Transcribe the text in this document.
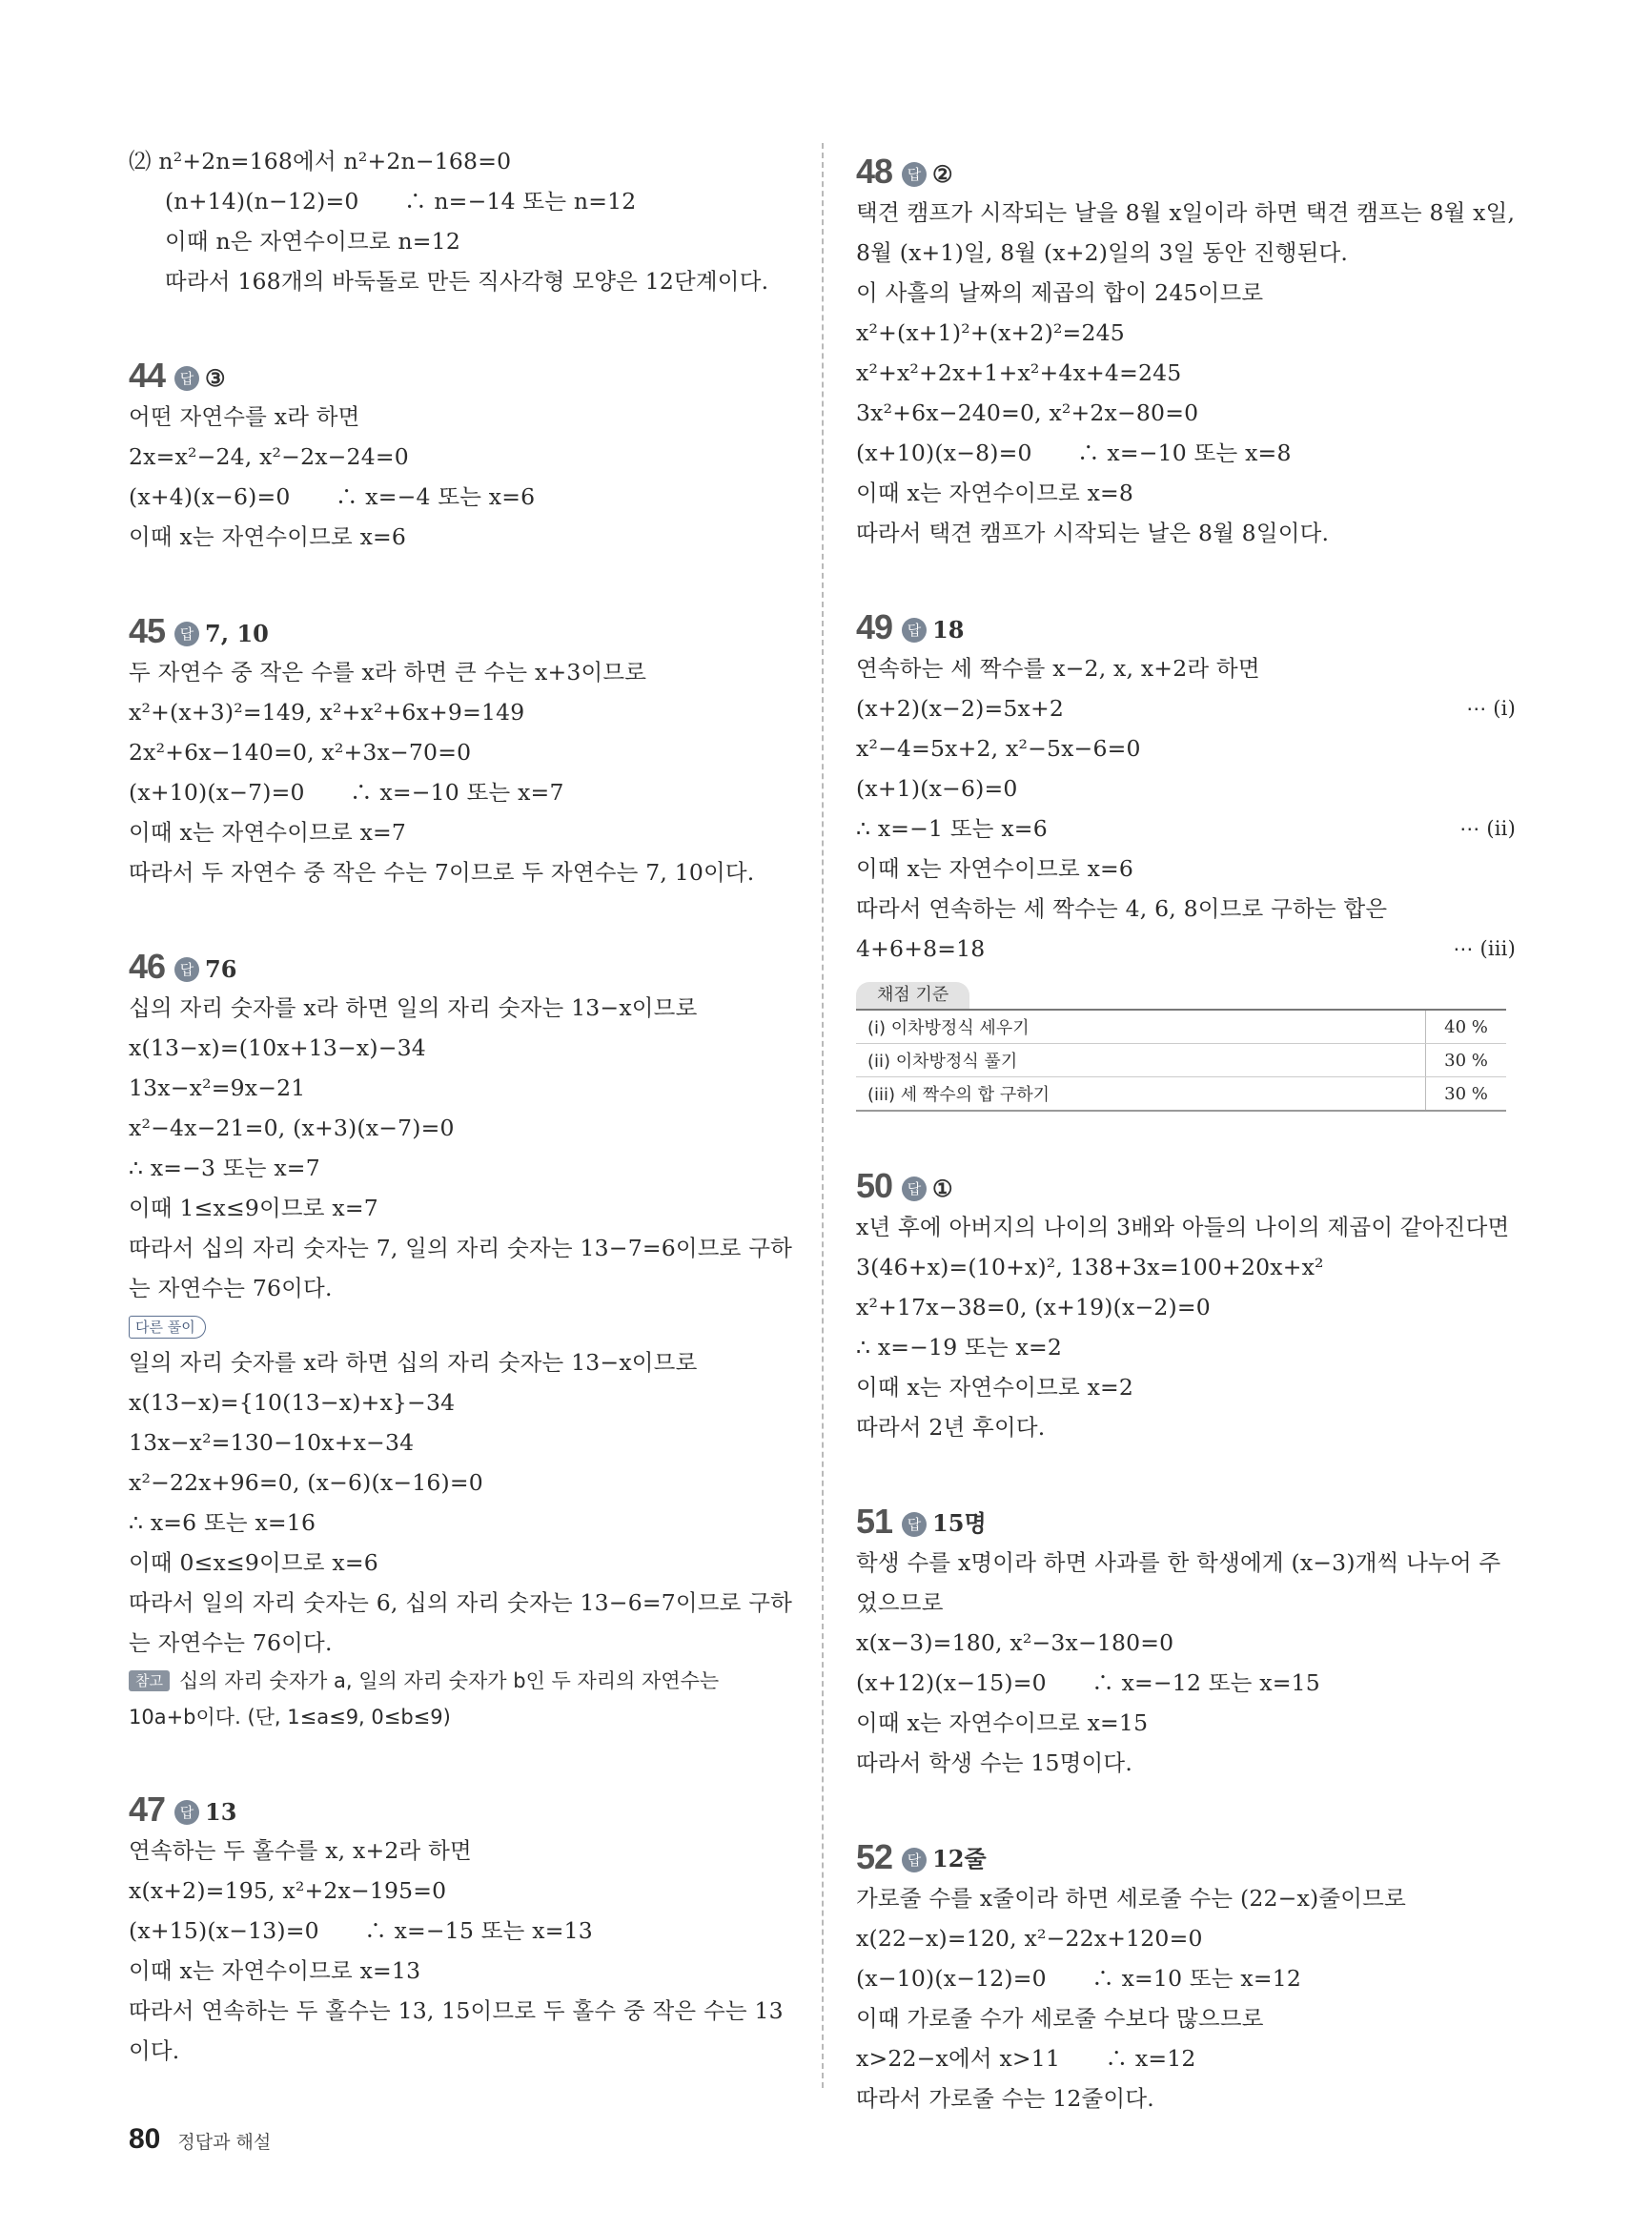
⑵ n²+2n=168에서 n²+2n−168=0
(n+14)(n−12)=0　　∴ n=−14 또는 n=12
이때 n은 자연수이므로 n=12
따라서 168개의 바둑돌로 만든 직사각형 모양은 12단계이다.
44	답 ③
어떤 자연수를 x라 하면
2x=x²−24, x²−2x−24=0
(x+4)(x−6)=0　　∴ x=−4 또는 x=6
이때 x는 자연수이므로 x=6
45	답 7, 10
두 자연수 중 작은 수를 x라 하면 큰 수는 x+3이므로
x²+(x+3)²=149, x²+x²+6x+9=149
2x²+6x−140=0, x²+3x−70=0
(x+10)(x−7)=0　　∴ x=−10 또는 x=7
이때 x는 자연수이므로 x=7
따라서 두 자연수 중 작은 수는 7이므로 두 자연수는 7, 10이다.
46	답 76
십의 자리 숫자를 x라 하면 일의 자리 숫자는 13−x이므로
x(13−x)=(10x+13−x)−34
13x−x²=9x−21
x²−4x−21=0, (x+3)(x−7)=0
∴ x=−3 또는 x=7
이때 1≤x≤9이므로 x=7
따라서 십의 자리 숫자는 7, 일의 자리 숫자는 13−7=6이므로 구하
는 자연수는 76이다.
다른 풀이
일의 자리 숫자를 x라 하면 십의 자리 숫자는 13−x이므로
x(13−x)={10(13−x)+x}−34
13x−x²=130−10x+x−34
x²−22x+96=0, (x−6)(x−16)=0
∴ x=6 또는 x=16
이때 0≤x≤9이므로 x=6
따라서 일의 자리 숫자는 6, 십의 자리 숫자는 13−6=7이므로 구하
는 자연수는 76이다.
참고 십의 자리 숫자가 a, 일의 자리 숫자가 b인 두 자리의 자연수는
10a+b이다. (단, 1≤a≤9, 0≤b≤9)
47	답 13
연속하는 두 홀수를 x, x+2라 하면
x(x+2)=195, x²+2x−195=0
(x+15)(x−13)=0　　∴ x=−15 또는 x=13
이때 x는 자연수이므로 x=13
따라서 연속하는 두 홀수는 13, 15이므로 두 홀수 중 작은 수는 13
이다.
48	답 ②
택견 캠프가 시작되는 날을 8월 x일이라 하면 택견 캠프는 8월 x일,
8월 (x+1)일, 8월 (x+2)일의 3일 동안 진행된다.
이 사흘의 날짜의 제곱의 합이 245이므로
x²+(x+1)²+(x+2)²=245
x²+x²+2x+1+x²+4x+4=245
3x²+6x−240=0, x²+2x−80=0
(x+10)(x−8)=0　　∴ x=−10 또는 x=8
이때 x는 자연수이므로 x=8
따라서 택견 캠프가 시작되는 날은 8월 8일이다.
49	답 18
연속하는 세 짝수를 x−2, x, x+2라 하면
(x+2)(x−2)=5x+2	⋯ (i)
x²−4=5x+2, x²−5x−6=0
(x+1)(x−6)=0
∴ x=−1 또는 x=6	⋯ (ii)
이때 x는 자연수이므로 x=6
따라서 연속하는 세 짝수는 4, 6, 8이므로 구하는 합은
4+6+8=18	⋯ (iii)
채점 기준
(i) 이차방정식 세우기	40 %
(ii) 이차방정식 풀기	30 %
(iii) 세 짝수의 합 구하기	30 %
50	답 ①
x년 후에 아버지의 나이의 3배와 아들의 나이의 제곱이 같아진다면
3(46+x)=(10+x)², 138+3x=100+20x+x²
x²+17x−38=0, (x+19)(x−2)=0
∴ x=−19 또는 x=2
이때 x는 자연수이므로 x=2
따라서 2년 후이다.
51	답 15명
학생 수를 x명이라 하면 사과를 한 학생에게 (x−3)개씩 나누어 주
었으므로
x(x−3)=180, x²−3x−180=0
(x+12)(x−15)=0　　∴ x=−12 또는 x=15
이때 x는 자연수이므로 x=15
따라서 학생 수는 15명이다.
52	답 12줄
가로줄 수를 x줄이라 하면 세로줄 수는 (22−x)줄이므로
x(22−x)=120, x²−22x+120=0
(x−10)(x−12)=0　　∴ x=10 또는 x=12
이때 가로줄 수가 세로줄 수보다 많으므로
x>22−x에서 x>11　　∴ x=12
따라서 가로줄 수는 12줄이다.
80 정답과 해설
